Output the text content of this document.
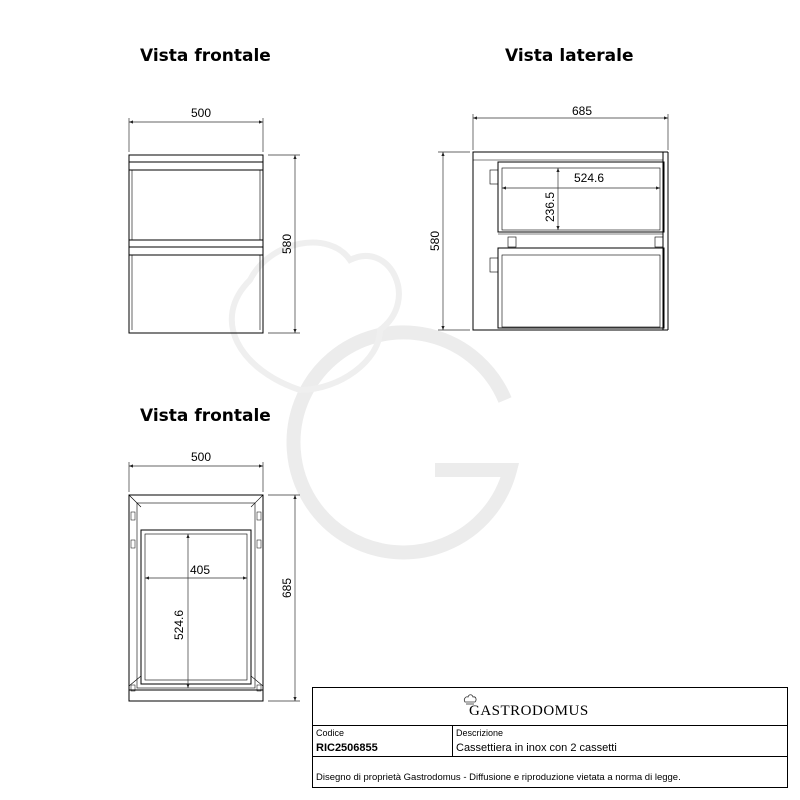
Vista frontale	Vista laterale
Vista frontale
500
580
685
580
524.6
236.5
500
685
405
524.6
GASTRODOMUS
Codice
RIC2506855
Descrizione
Cassettiera in inox con 2 cassetti
Disegno di proprietà Gastrodomus - Diffusione e riproduzione vietata a norma di legge.
